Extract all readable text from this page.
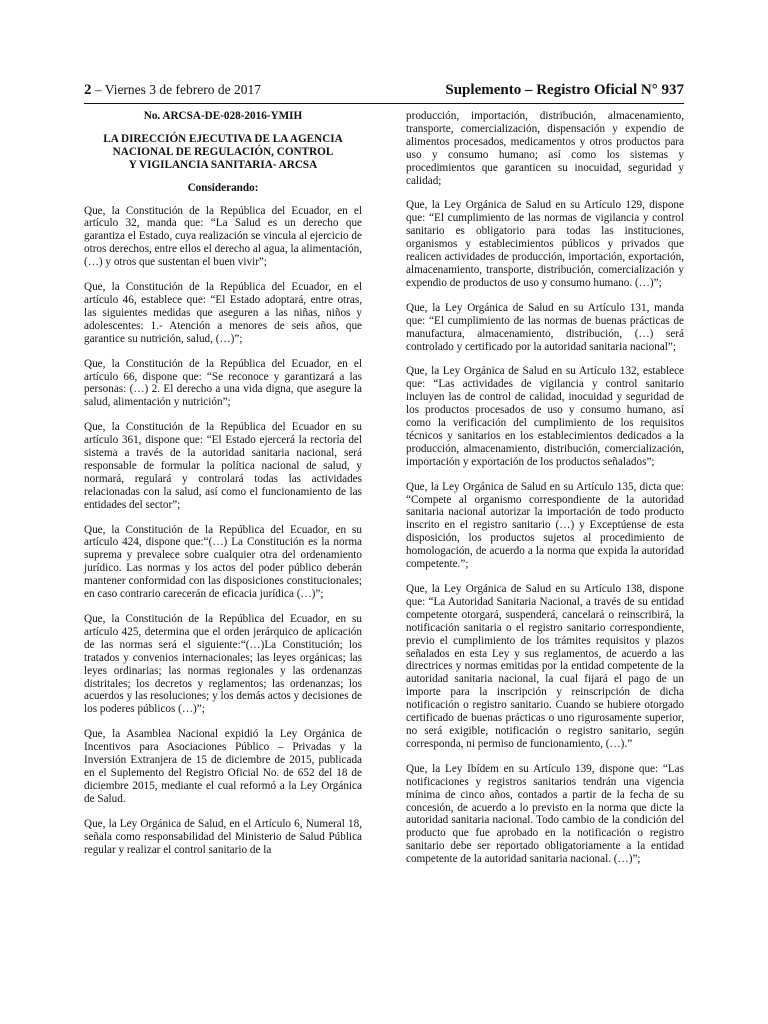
2 – Viernes 3 de febrero de 2017	Suplemento – Registro Oficial N° 937
No. ARCSA-DE-028-2016-YMIH
LA DIRECCIÓN EJECUTIVA DE LA AGENCIA
NACIONAL DE REGULACIÓN, CONTROL
Y VIGILANCIA SANITARIA- ARCSA
Considerando:

Que, la Constitución de la República del Ecuador, en el artículo 32, manda que: “La Salud es un derecho que garantiza el Estado, cuya realización se vincula al ejercicio de otros derechos, entre ellos el derecho al agua, la alimentación, (…) y otros que sustentan el buen vivir”;

Que, la Constitución de la República del Ecuador, en el artículo 46, establece que: “El Estado adoptará, entre otras, las siguientes medidas que aseguren a las niñas, niños y adolescentes: 1.- Atención a menores de seis años, que garantice su nutrición, salud, (…)”;

Que, la Constitución de la República del Ecuador, en el artículo 66, dispone que: “Se reconoce y garantizará a las personas: (…) 2. El derecho a una vida digna, que asegure la salud, alimentación y nutrición”;

Que, la Constitución de la República del Ecuador en su artículo 361, dispone que: “El Estado ejercerá la rectoría del sistema a través de la autoridad sanitaria nacional, será responsable de formular la política nacional de salud, y normará, regulará y controlará todas las actividades relacionadas con la salud, así como el funcionamiento de las entidades del sector”;

Que, la Constitución de la República del Ecuador, en su artículo 424, dispone que:“(…) La Constitución es la norma suprema y prevalece sobre cualquier otra del ordenamiento jurídico. Las normas y los actos del poder público deberán mantener conformidad con las disposiciones constitucionales; en caso contrario carecerán de eficacia jurídica (…)”;

Que, la Constitución de la República del Ecuador, en su artículo 425, determina que el orden jerárquico de aplicación de las normas será el siguiente:“(…)La Constitución; los tratados y convenios internacionales; las leyes orgánicas; las leyes ordinarias; las normas regionales y las ordenanzas distritales; los decretos y reglamentos; las ordenanzas; los acuerdos y las resoluciones; y los demás actos y decisiones de los poderes públicos (…)”;

Que, la Asamblea Nacional expidió la Ley Orgánica de Incentivos para Asociaciones Público – Privadas y la Inversión Extranjera de 15 de diciembre de 2015, publicada en el Suplemento del Registro Oficial No. de 652 del 18 de diciembre 2015, mediante el cual reformó a la Ley Orgánica de Salud.

Que, la Ley Orgánica de Salud, en el Artículo 6, Numeral 18, señala como responsabilidad del Ministerio de Salud Pública regular y realizar el control sanitario de la

producción, importación, distribución, almacenamiento, transporte, comercialización, dispensación y expendio de alimentos procesados, medicamentos y otros productos para uso y consumo humano; así como los sistemas y procedimientos que garanticen su inocuidad, seguridad y calidad;

Que, la Ley Orgánica de Salud en su Artículo 129, dispone que: “El cumplimiento de las normas de vigilancia y control sanitario es obligatorio para todas las instituciones, organismos y establecimientos públicos y privados que realicen actividades de producción, importación, exportación, almacenamiento, transporte, distribución, comercialización y expendio de productos de uso y consumo humano. (…)”;

Que, la Ley Orgánica de Salud en su Artículo 131, manda que: “El cumplimiento de las normas de buenas prácticas de manufactura, almacenamiento, distribución, (…) será controlado y certificado por la autoridad sanitaria nacional”;

Que, la Ley Orgánica de Salud en su Artículo 132, establece que: “Las actividades de vigilancia y control sanitario incluyen las de control de calidad, inocuidad y seguridad de los productos procesados de uso y consumo humano, así como la verificación del cumplimiento de los requisitos técnicos y sanitarios en los establecimientos dedicados a la producción, almacenamiento, distribución, comercialización, importación y exportación de los productos señalados”;

Que, la Ley Orgánica de Salud en su Artículo 135, dicta que: “Compete al organismo correspondiente de la autoridad sanitaria nacional autorizar la importación de todo producto inscrito en el registro sanitario (…) y Exceptúense de esta disposición, los productos sujetos al procedimiento de homologación, de acuerdo a la norma que expida la autoridad competente.”;

Que, la Ley Orgánica de Salud en su Artículo 138, dispone que: “La Autoridad Sanitaria Nacional, a través de su entidad competente otorgará, suspenderá, cancelará o reinscribirá, la notificación sanitaria o el registro sanitario correspondiente, previo el cumplimiento de los trámites requisitos y plazos señalados en esta Ley y sus reglamentos, de acuerdo a las directrices y normas emitidas por la entidad competente de la autoridad sanitaria nacional, la cual fijará el pago de un importe para la inscripción y reinscripción de dicha notificación o registro sanitario. Cuando se hubiere otorgado certificado de buenas prácticas o uno rigurosamente superior, no será exigible, notificación o registro sanitario, según corresponda, ni permiso de funcionamiento, (…).”

Que, la Ley Ibídem en su Artículo 139, dispone que: “Las notificaciones y registros sanitarios tendrán una vigencia mínima de cinco años, contados a partir de la fecha de su concesión, de acuerdo a lo previsto en la norma que dicte la autoridad sanitaria nacional. Todo cambio de la condición del producto que fue aprobado en la notificación o registro sanitario debe ser reportado obligatoriamente a la entidad competente de la autoridad sanitaria nacional. (…)”;
